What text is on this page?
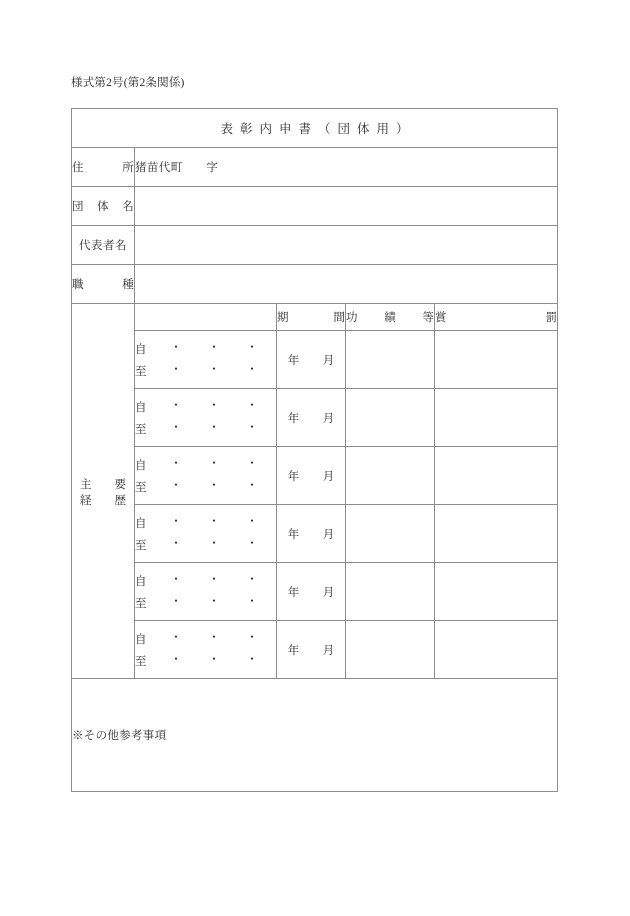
様式第2号(第2条関係)
表彰内申書（団体用）				

住　所	猪苗代町　　字			

団 体 名				

代表者名				

職　種				

主　要
経　歴		期　間	功 績 等	賞　　罰

自	・	・	・
至	・	・	・
	年　月		

自	・	・	・
至	・	・	・
	年　月		

自	・	・	・
至	・	・	・
	年　月		

自	・	・	・
至	・	・	・
	年　月		

自	・	・	・
至	・	・	・
	年　月		

自	・	・	・
至	・	・	・
	年　月		

※その他参考事項				
